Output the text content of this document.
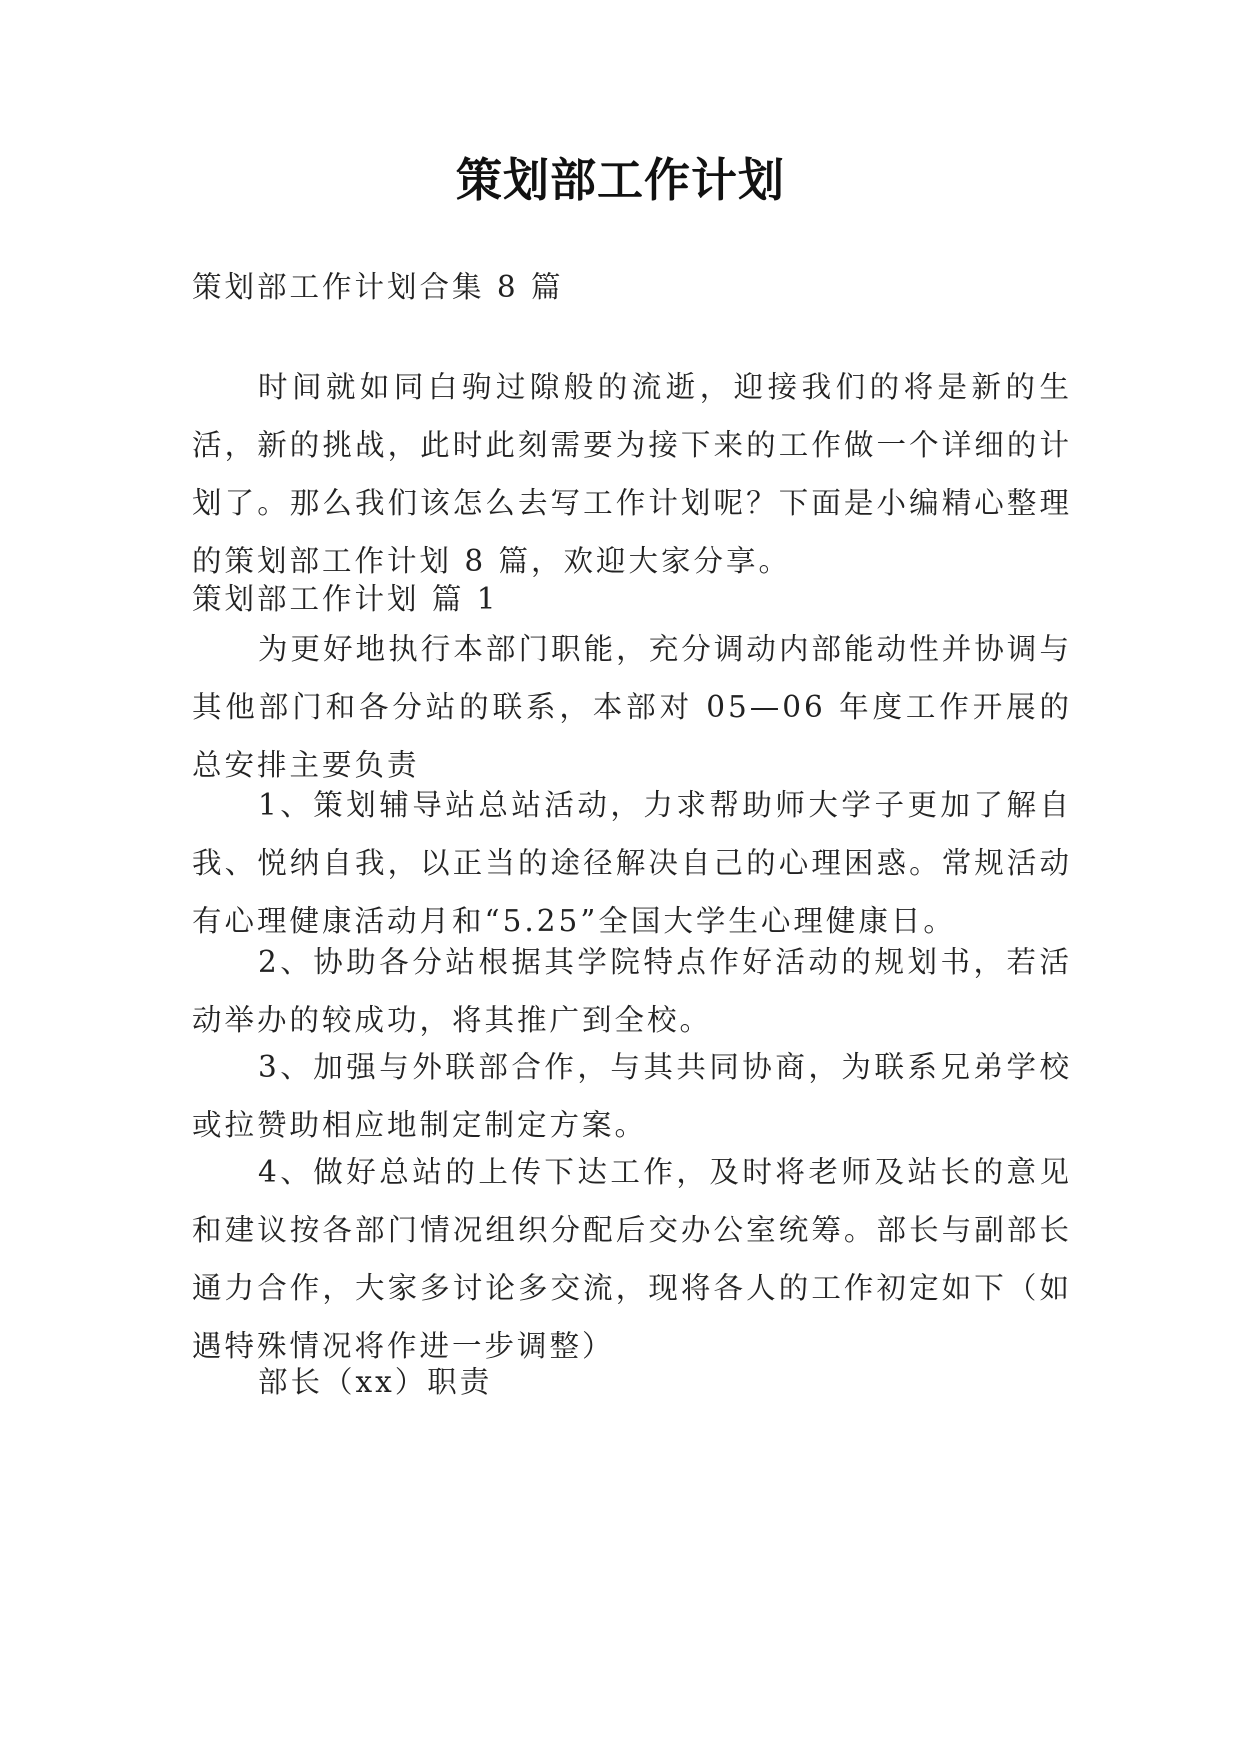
策划部工作计划
策划部工作计划合集 8 篇
时间就如同白驹过隙般的流逝，迎接我们的将是新的生活，新的挑战，此时此刻需要为接下来的工作做一个详细的计划了。那么我们该怎么去写工作计划呢？下面是小编精心整理的策划部工作计划 8 篇，欢迎大家分享。
策划部工作计划 篇 1
为更好地执行本部门职能，充分调动内部能动性并协调与其他部门和各分站的联系，本部对 05—06 年度工作开展的总安排主要负责
1、策划辅导站总站活动，力求帮助师大学子更加了解自我、悦纳自我，以正当的途径解决自己的心理困惑。常规活动有心理健康活动月和“5.25”全国大学生心理健康日。
2、协助各分站根据其学院特点作好活动的规划书，若活动举办的较成功，将其推广到全校。
3、加强与外联部合作，与其共同协商，为联系兄弟学校或拉赞助相应地制定制定方案。
4、做好总站的上传下达工作，及时将老师及站长的意见和建议按各部门情况组织分配后交办公室统筹。部长与副部长通力合作，大家多讨论多交流，现将各人的工作初定如下（如遇特殊情况将作进一步调整）
部长（xx）职责
